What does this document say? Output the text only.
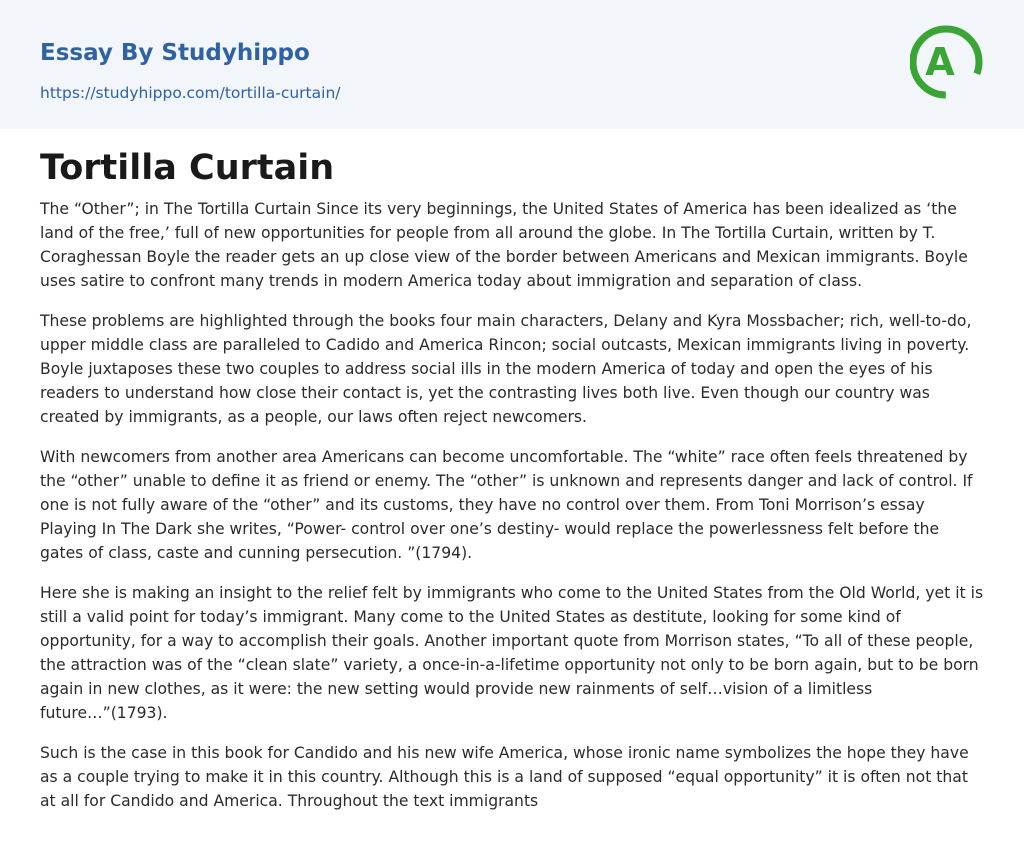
Essay By Studyhippo
https://studyhippo.com/tortilla-curtain/
A
Tortilla Curtain

The “Other”; in The Tortilla Curtain Since its very beginnings, the United States of America has been idealized as ‘the land of the free,’ full of new opportunities for people from all around the globe. In The Tortilla Curtain, written by T. Coraghessan Boyle the reader gets an up close view of the border between Americans and Mexican immigrants. Boyle uses satire to confront many trends in modern America today about immigration and separation of class.

These problems are highlighted through the books four main characters, Delany and Kyra Mossbacher; rich, well-to-do, upper middle class are paralleled to Cadido and America Rincon; social outcasts, Mexican immigrants living in poverty. Boyle juxtaposes these two couples to address social ills in the modern America of today and open the eyes of his readers to understand how close their contact is, yet the contrasting lives both live. Even though our country was created by immigrants, as a people, our laws often reject newcomers.

With newcomers from another area Americans can become uncomfortable. The “white” race often feels threatened by the “other” unable to define it as friend or enemy. The “other” is unknown and represents danger and lack of control. If one is not fully aware of the “other” and its customs, they have no control over them. From Toni Morrison’s essay Playing In The Dark she writes, “Power- control over one’s destiny- would replace the powerlessness felt before the gates of class, caste and cunning persecution. ”(1794).

Here she is making an insight to the relief felt by immigrants who come to the United States from the Old World, yet it is still a valid point for today’s immigrant. Many come to the United States as destitute, looking for some kind of opportunity, for a way to accomplish their goals. Another important quote from Morrison states, “To all of these people, the attraction was of the “clean slate” variety, a once-in-a-lifetime opportunity not only to be born again, but to be born again in new clothes, as it were: the new setting would provide new rainments of self…vision of a limitless future…”(1793).

Such is the case in this book for Candido and his new wife America, whose ironic name symbolizes the hope they have as a couple trying to make it in this country. Although this is a land of supposed “equal opportunity” it is often not that at all for Candido and America. Throughout the text immigrants
